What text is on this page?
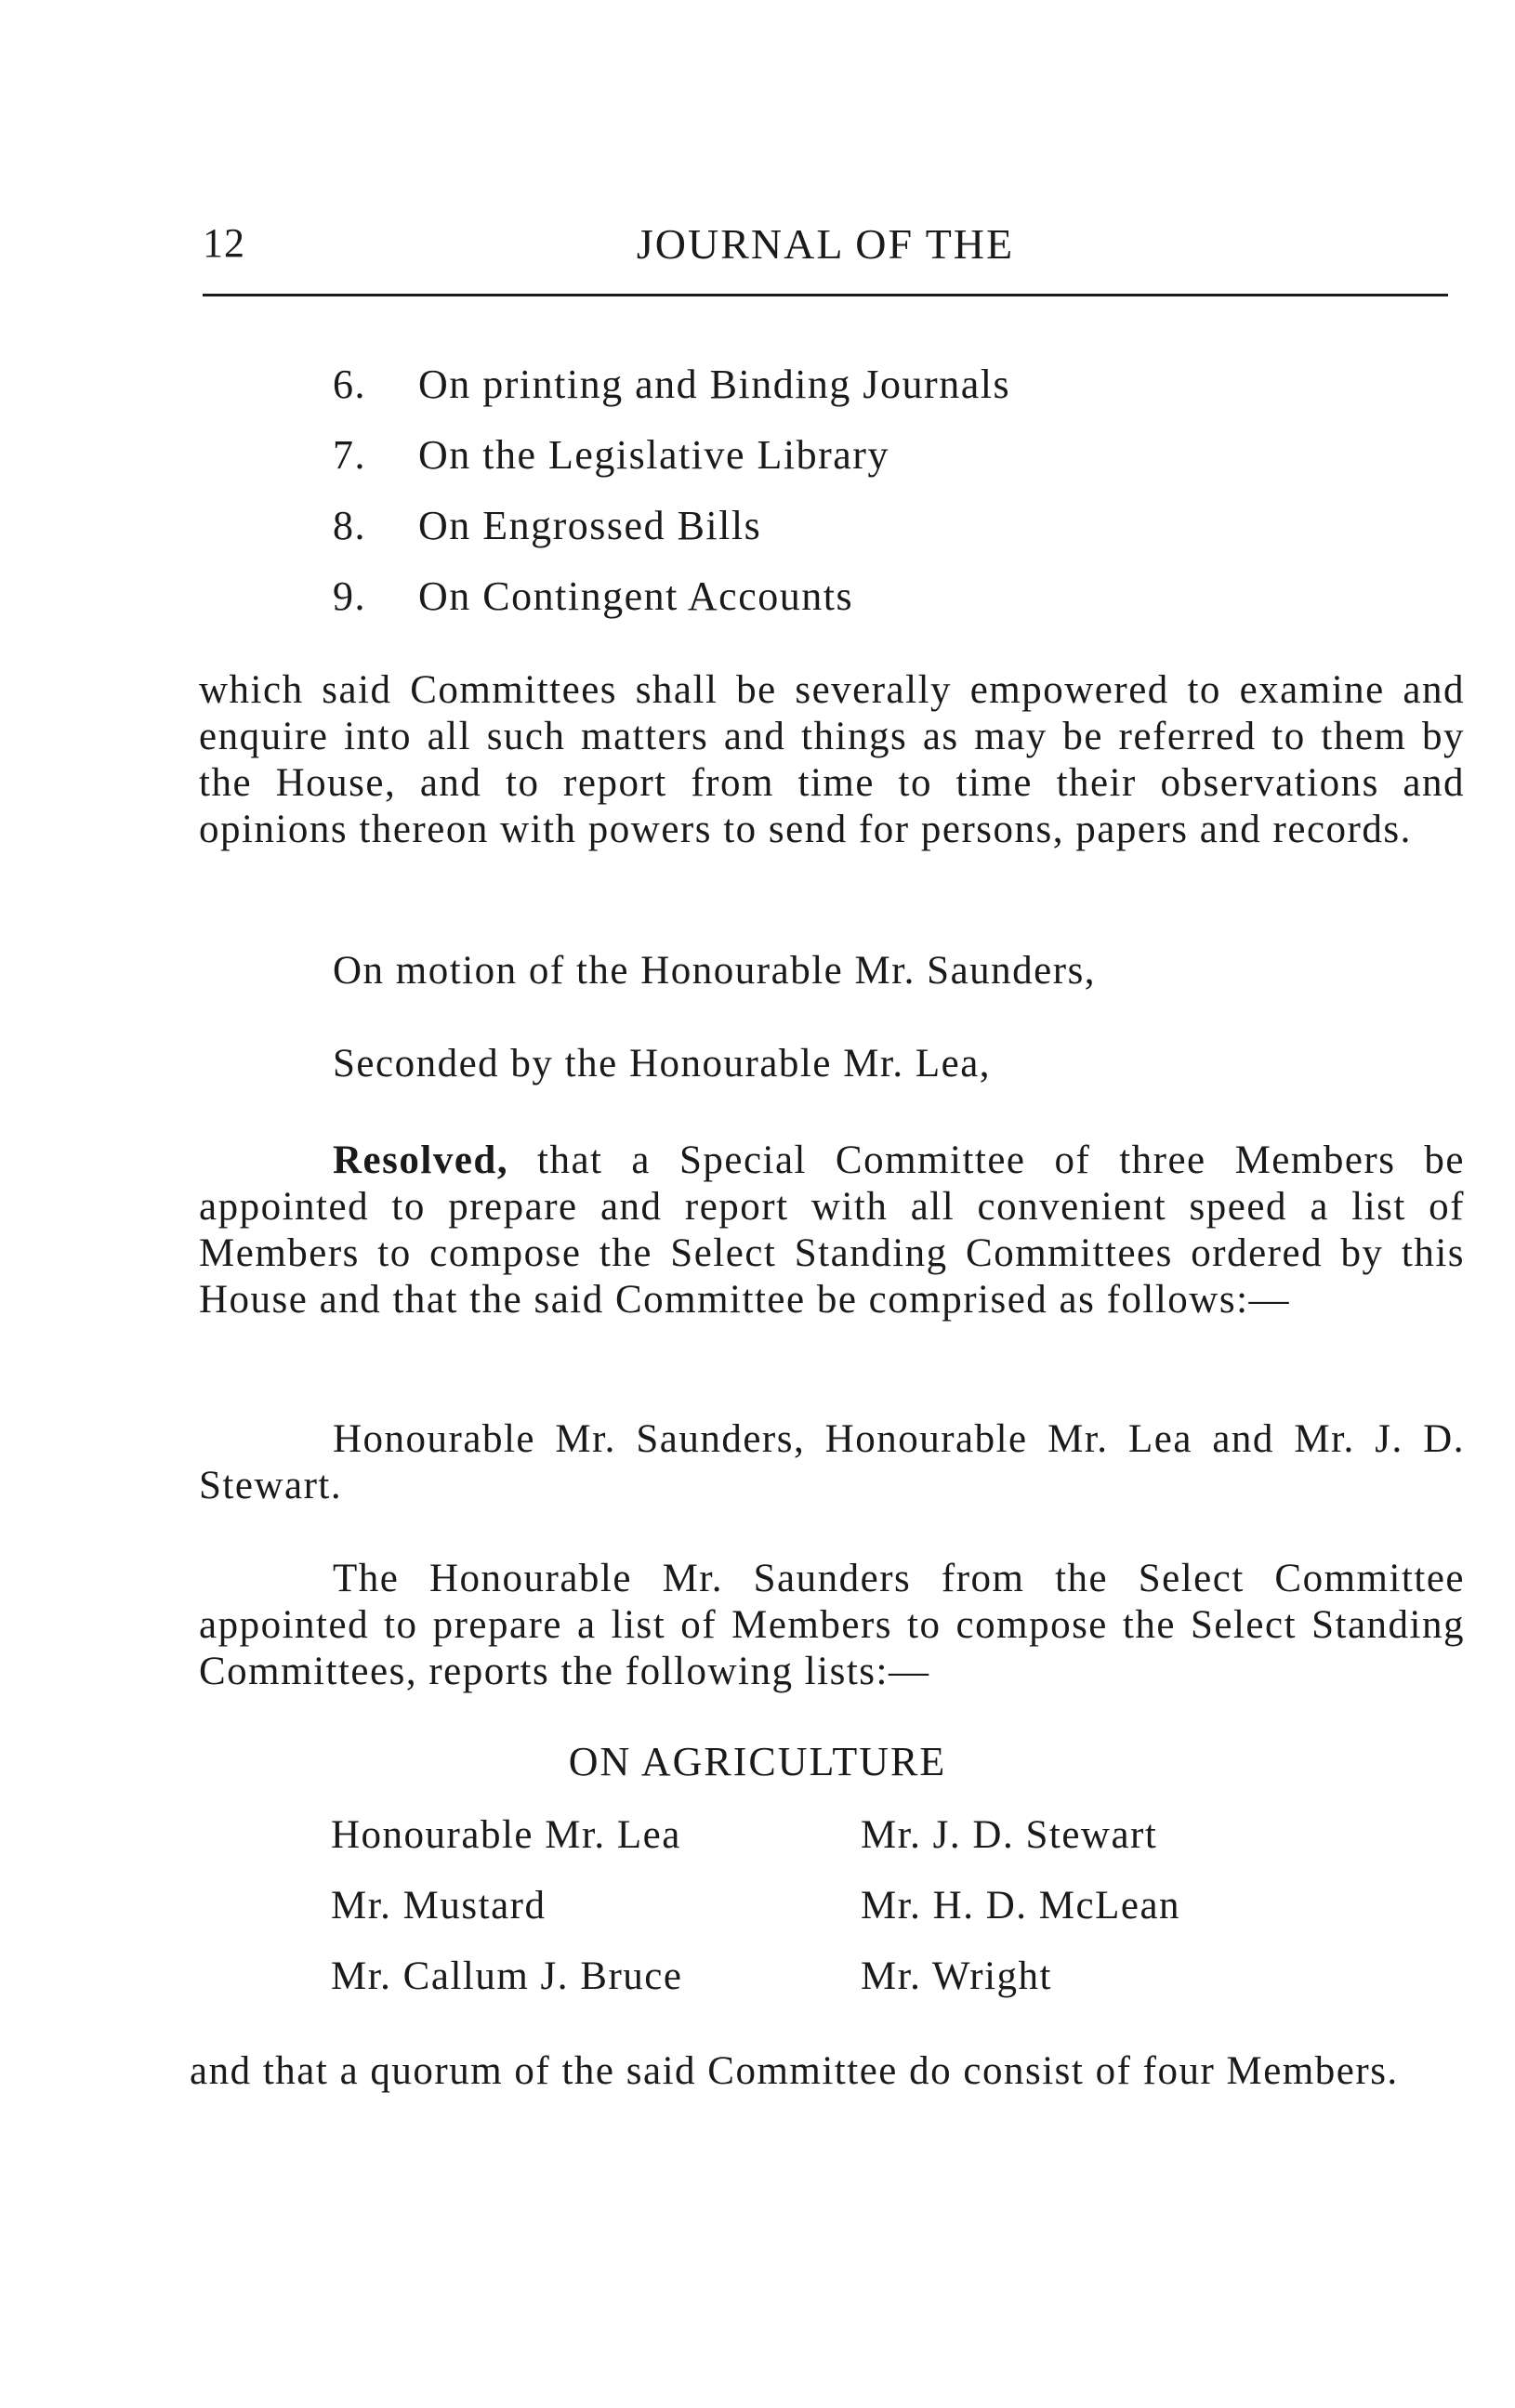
12	JOURNAL OF THE
6. On printing and Binding Journals
7. On the Legislative Library
8. On Engrossed Bills
9. On Contingent Accounts

which said Committees shall be severally empowered to examine and enquire into all such matters and things as may be referred to them by the House, and to report from time to time their observations and opinions thereon with powers to send for persons, papers and records.

On motion of the Honourable Mr. Saunders,

Seconded by the Honourable Mr. Lea,

Resolved, that a Special Committee of three Members be appointed to prepare and report with all convenient speed a list of Members to compose the Select Standing Committees ordered by this House and that the said Committee be comprised as follows:—

Honourable Mr. Saunders, Honourable Mr. Lea and Mr. J. D. Stewart.

The Honourable Mr. Saunders from the Select Committee appointed to prepare a list of Members to compose the Select Standing Committees, reports the following lists:—

ON AGRICULTURE
Honourable Mr. Lea	Mr. J. D. Stewart
Mr. Mustard	Mr. H. D. McLean
Mr. Callum J. Bruce	Mr. Wright

and that a quorum of the said Committee do consist of four Members.
